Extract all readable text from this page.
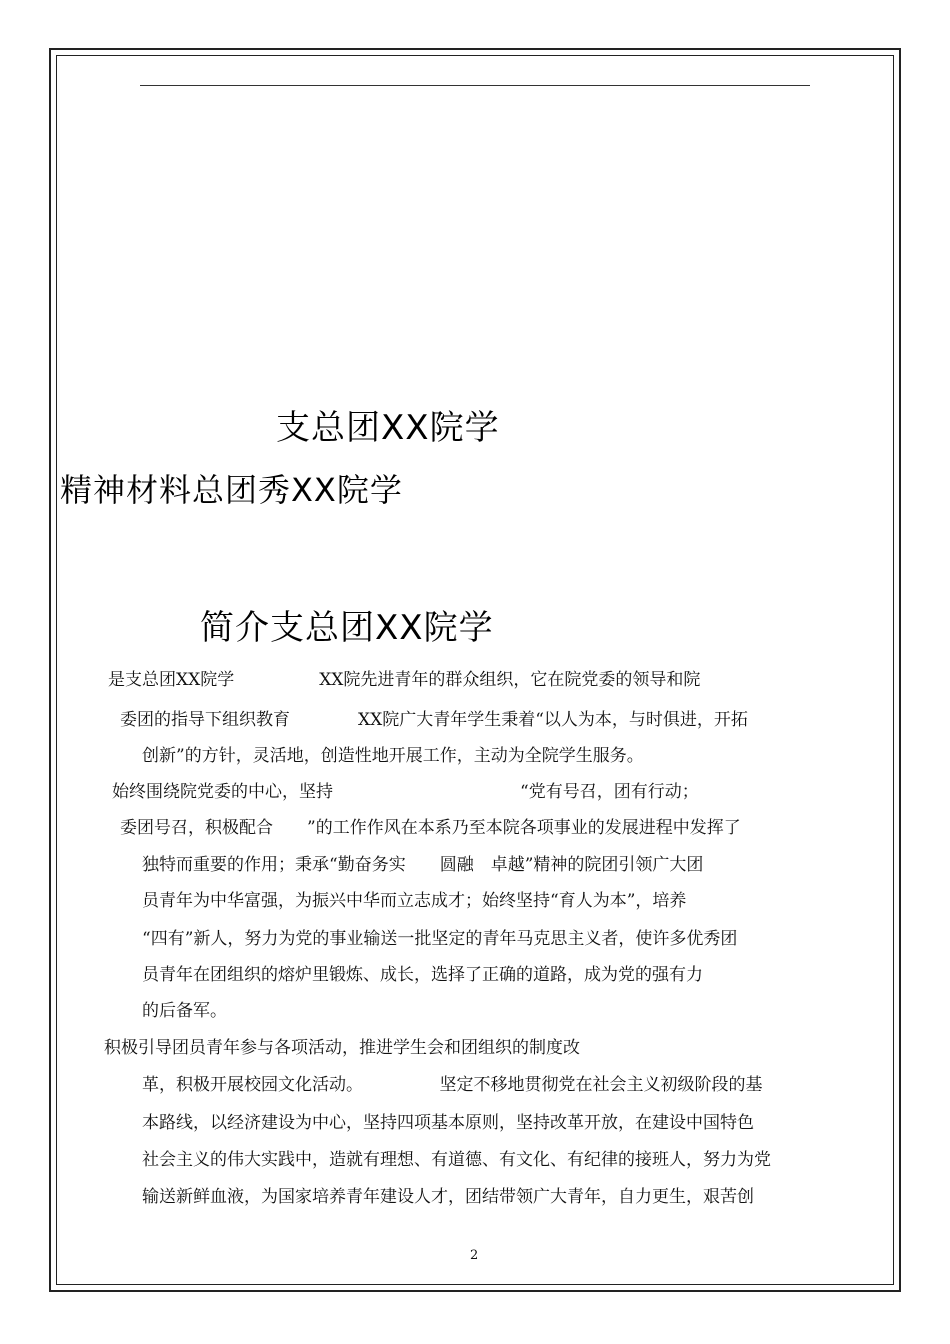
支总团XX院学
精神材料总团秀XX院学
简介支总团XX院学
是支总团XX院学　　　　　XX院先进青年的群众组织，它在院党委的领导和院
委团的指导下组织教育　　　　XX院广大青年学生秉着“以人为本，与时俱进，开拓
创新”的方针，灵活地，创造性地开展工作，主动为全院学生服务。
始终围绕院党委的中心，坚持　　　　　　　　　　　“党有号召，团有行动；
委团号召，积极配合　　”的工作作风在本系乃至本院各项事业的发展进程中发挥了
独特而重要的作用；秉承“勤奋务实　　圆融　卓越”精神的院团引领广大团
员青年为中华富强，为振兴中华而立志成才；始终坚持“育人为本”，培养
“四有”新人，努力为党的事业输送一批坚定的青年马克思主义者，使许多优秀团
员青年在团组织的熔炉里锻炼、成长，选择了正确的道路，成为党的强有力
的后备军。
积极引导团员青年参与各项活动，推进学生会和团组织的制度改
革，积极开展校园文化活动。　　　　　坚定不移地贯彻党在社会主义初级阶段的基
本路线，以经济建设为中心，坚持四项基本原则，坚持改革开放，在建设中国特色
社会主义的伟大实践中，造就有理想、有道德、有文化、有纪律的接班人，努力为党
输送新鲜血液，为国家培养青年建设人才，团结带领广大青年，自力更生，艰苦创
2
